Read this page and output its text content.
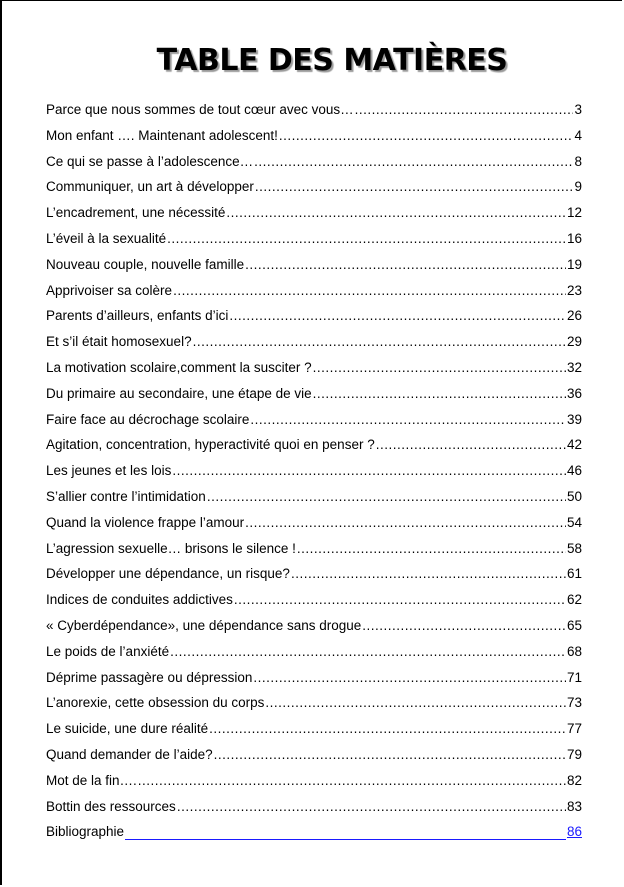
TABLE DES MATIÈRES
Parce que nous sommes de tout cœur avec vous… .....	3
Mon enfant …. Maintenant adolescent! .....	4
Ce qui se passe à l’adolescence… .....	8
Communiquer, un art à développer .....	9
L’encadrement, une nécessité .....	12
L’éveil à la sexualité .....	16
Nouveau couple, nouvelle famille .....	19
Apprivoiser sa colère .....	23
Parents d’ailleurs, enfants d’ici .....	26
Et s’il était homosexuel? .....	29
La motivation scolaire,comment la susciter ? .....	32
Du primaire au secondaire, une étape de vie .....	36
Faire face au décrochage scolaire .....	39
Agitation, concentration, hyperactivité quoi en penser ? .....	42
Les jeunes et les lois .....	46
S’allier contre l’intimidation .....	50
Quand la violence frappe l’amour .....	54
L’agression sexuelle… brisons le silence ! .....	58
Développer une dépendance, un risque? .....	61
Indices de conduites addictives .....	62
« Cyberdépendance», une dépendance sans drogue .....	65
Le poids de l’anxiété .....	68
Déprime passagère ou dépression .....	71
L’anorexie, cette obsession du corps .....	73
Le suicide, une dure réalité .....	77
Quand demander de l’aide? .....	79
Mot de la fin…. .....	82
Bottin des ressources .....	83
Bibliographie	86
